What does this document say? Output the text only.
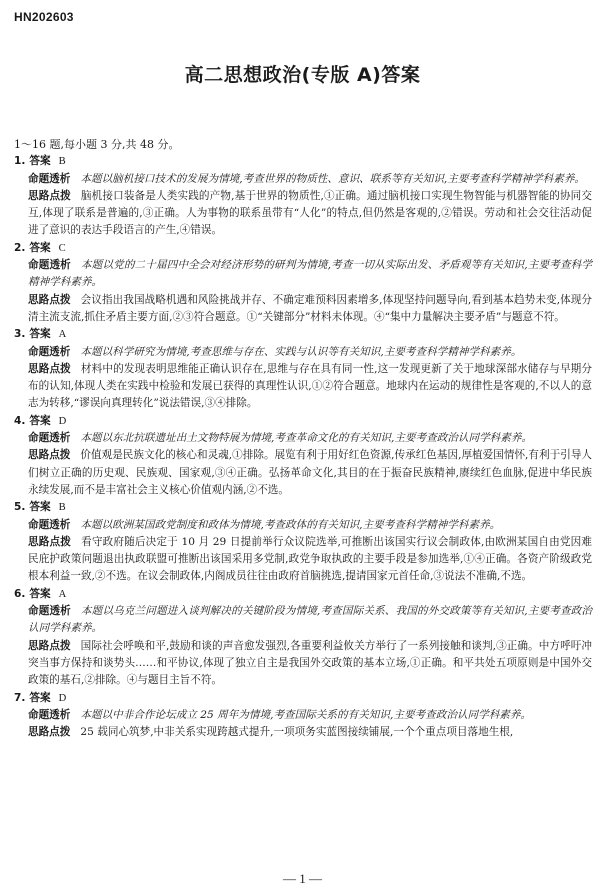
HN202603
高二思想政治(专版 A)答案
1～16 题,每小题 3 分,共 48 分。
1. 答案 B

命题透析 本题以脑机接口技术的发展为情境,考查世界的物质性、意识、联系等有关知识,主要考查科学精神学科素养。

思路点拨 脑机接口装备是人类实践的产物,基于世界的物质性,①正确。通过脑机接口实现生物智能与机器智能的协同交互,体现了联系是普遍的,③正确。人为事物的联系虽带有“人化”的特点,但仍然是客观的,②错误。劳动和社会交往活动促进了意识的表达手段语言的产生,④错误。

2. 答案 C

命题透析 本题以党的二十届四中全会对经济形势的研判为情境,考查一切从实际出发、矛盾观等有关知识,主要考查科学精神学科素养。

思路点拨 会议指出我国战略机遇和风险挑战并存、不确定难预料因素增多,体现坚持问题导向,看到基本趋势未变,体现分清主流支流,抓住矛盾主要方面,②③符合题意。①“关键部分”材料未体现。④“集中力量解决主要矛盾”与题意不符。

3. 答案 A

命题透析 本题以科学研究为情境,考查思维与存在、实践与认识等有关知识,主要考查科学精神学科素养。

思路点拨 材料中的发现表明思维能正确认识存在,思维与存在具有同一性,这一发现更新了关于地球深部水储存与早期分布的认知,体现人类在实践中检验和发展已获得的真理性认识,①②符合题意。地球内在运动的规律性是客观的,不以人的意志为转移,“谬误向真理转化”说法错误,③④排除。

4. 答案 D

命题透析 本题以东北抗联遗址出土文物特展为情境,考查革命文化的有关知识,主要考查政治认同学科素养。

思路点拨 价值观是民族文化的核心和灵魂,①排除。展览有利于用好红色资源,传承红色基因,厚植爱国情怀,有利于引导人们树立正确的历史观、民族观、国家观,③④正确。弘扬革命文化,其目的在于振奋民族精神,赓续红色血脉,促进中华民族永续发展,而不是丰富社会主义核心价值观内涵,②不选。

5. 答案 B

命题透析 本题以欧洲某国政党制度和政体为情境,考查政体的有关知识,主要考查科学精神学科素养。

思路点拨 看守政府随后决定于 10 月 29 日提前举行众议院选举,可推断出该国实行议会制政体,由欧洲某国自由党因难民庇护政策问题退出执政联盟可推断出该国采用多党制,政党争取执政的主要手段是参加选举,①④正确。各资产阶级政党根本利益一致,②不选。在议会制政体,内阁成员往往由政府首脑挑选,提请国家元首任命,③说法不准确,不选。

6. 答案 A

命题透析 本题以乌克兰问题进入谈判解决的关键阶段为情境,考查国际关系、我国的外交政策等有关知识,主要考查政治认同学科素养。

思路点拨 国际社会呼唤和平,鼓励和谈的声音愈发强烈,各重要利益攸关方举行了一系列接触和谈判,③正确。中方呼吁冲突当事方保持和谈势头……和平协议,体现了独立自主是我国外交政策的基本立场,①正确。和平共处五项原则是中国外交政策的基石,②排除。④与题目主旨不符。

7. 答案 D

命题透析 本题以中非合作论坛成立 25 周年为情境,考查国际关系的有关知识,主要考查政治认同学科素养。

思路点拨 25 载同心筑梦,中非关系实现跨越式提升,一项项务实蓝图接续铺展,一个个重点项目落地生根,

— 1 —
